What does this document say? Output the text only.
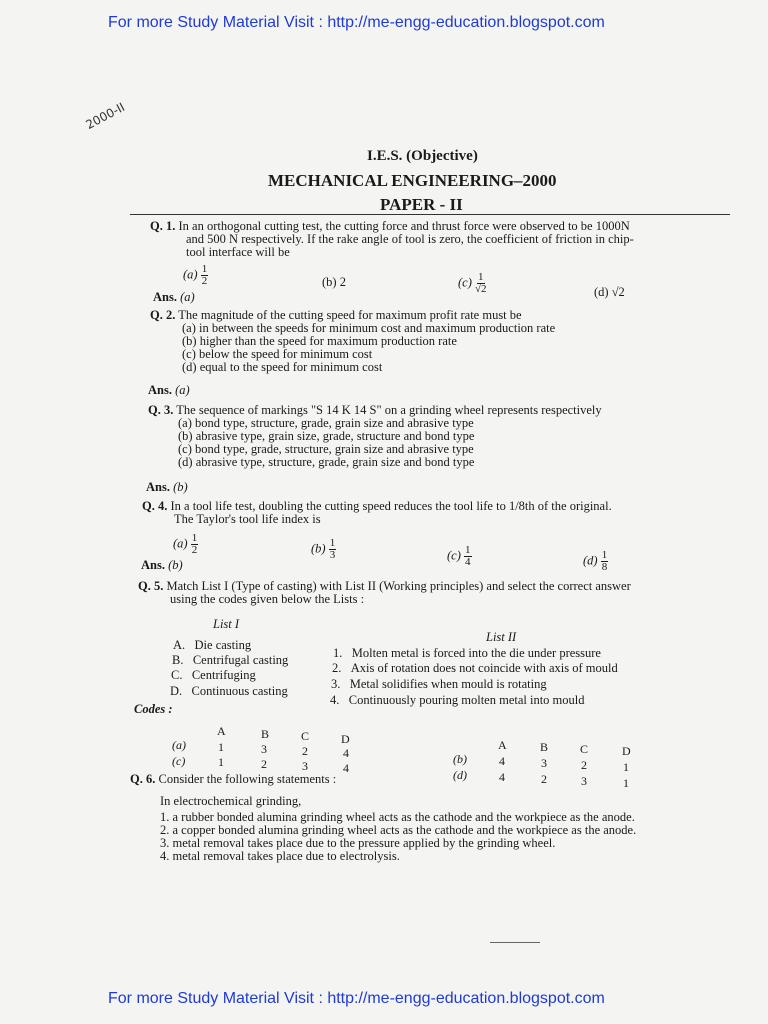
For more Study Material Visit : http://me-engg-education.blogspot.com
2000-II
I.E.S. (Objective)
MECHANICAL ENGINEERING–2000
PAPER - II
Q. 1. In an orthogonal cutting test, the cutting force and thrust force were observed to be 1000N
and 500 N respectively. If the rake angle of tool is zero, the coefficient of friction in chip-
tool interface will be
$(a) \frac{1}{2}$	(b) 2	$(c) \frac{1}{√2}$	(d) √2
Ans. (a)
Q. 2. The magnitude of the cutting speed for maximum profit rate must be
(a) in between the speeds for minimum cost and maximum production rate
(b) higher than the speed for maximum production rate
(c) below the speed for minimum cost
(d) equal to the speed for minimum cost
Ans. (a)
Q. 3. The sequence of markings "S 14 K 14 S" on a grinding wheel represents respectively
(a) bond type, structure, grade, grain size and abrasive type
(b) abrasive type, grain size, grade, structure and bond type
(c) bond type, grade, structure, grain size and abrasive type
(d) abrasive type, structure, grade, grain size and bond type
Ans. (b)
Q. 4. In a tool life test, doubling the cutting speed reduces the tool life to 1/8th of the original.
The Taylor's tool life index is
$(a) \frac{1}{2}$	$(b) \frac{1}{3}$	$(c) \frac{1}{4}$	$(d) \frac{1}{8}$
Ans. (b)
Q. 5. Match List I (Type of casting) with List II (Working principles) and select the correct answer
using the codes given below the Lists :
List I
List II
A. Die casting
B. Centrifugal casting
C. Centrifuging
D. Continuous casting
1. Molten metal is forced into the die under pressure
2. Axis of rotation does not coincide with axis of mould
3. Metal solidifies when mould is rotating
4. Continuously pouring molten metal into mould
Codes :
A	B	C	D
(a)	1	3	2	4
(c)	1	2	3	4
A	B	C	D
(b)	4	3	2	1
(d)	4	2	3	1
Q. 6. Consider the following statements :
In electrochemical grinding,
1. a rubber bonded alumina grinding wheel acts as the cathode and the workpiece as the anode.
2. a copper bonded alumina grinding wheel acts as the cathode and the workpiece as the anode.
3. metal removal takes place due to the pressure applied by the grinding wheel.
4. metal removal takes place due to electrolysis.
For more Study Material Visit : http://me-engg-education.blogspot.com
